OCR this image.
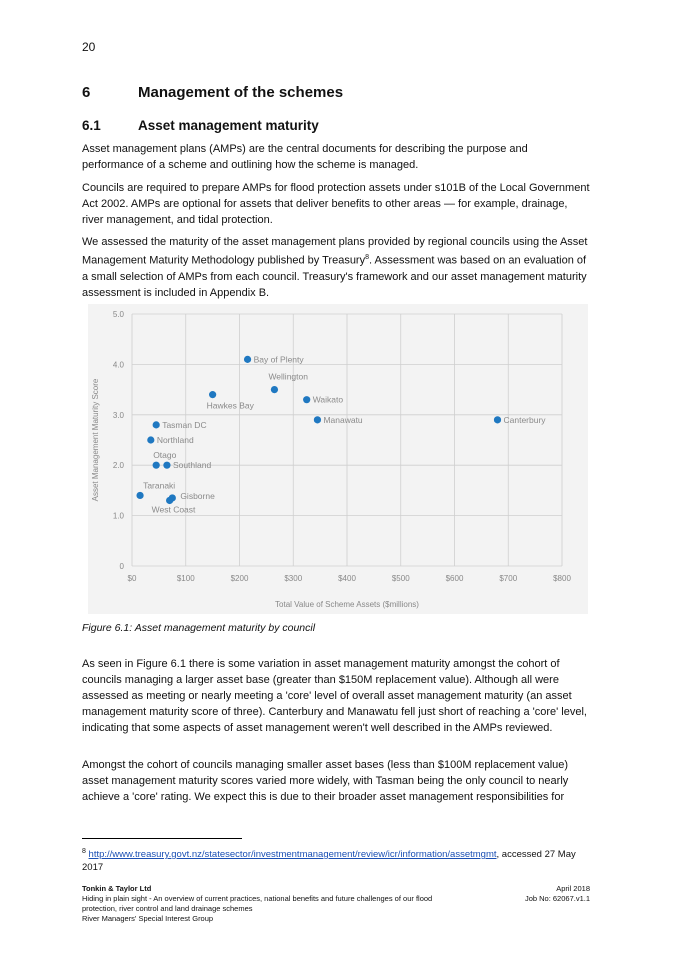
20
6	Management of the schemes
6.1	Asset management maturity

Asset management plans (AMPs) are the central documents for describing the purpose and performance of a scheme and outlining how the scheme is managed.

Councils are required to prepare AMPs for flood protection assets under s101B of the Local Government Act 2002. AMPs are optional for assets that deliver benefits to other areas — for example, drainage, river management, and tidal protection.

We assessed the maturity of the asset management plans provided by regional councils using the Asset Management Maturity Methodology published by Treasury$^8$. Assessment was based on an evaluation of a small selection of AMPs from each council. Treasury's framework and our asset management maturity assessment is included in Appendix B.

0
1.0
2.0
3.0
4.0
5.0
$0	$100	$200	$300	$400	$500	$600	$700	$800
Total Value of Scheme Assets ($millions)
Asset Management Maturity Score
Bay of Plenty
Wellington
Waikato
Hawkes Bay
Manawatu	Canterbury
Tasman DC
Northland
Otago
Southland
Taranaki
Gisborne
West Coast
Figure 6.1: Asset management maturity by council

As seen in Figure 6.1 there is some variation in asset management maturity amongst the cohort of councils managing a larger asset base (greater than $150M replacement value). Although all were assessed as meeting or nearly meeting a 'core' level of overall asset management maturity (an asset management maturity score of three). Canterbury and Manawatu fell just short of reaching a 'core' level, indicating that some aspects of asset management weren't well described in the AMPs reviewed.

Amongst the cohort of councils managing smaller asset bases (less than $100M replacement value) asset management maturity scores varied more widely, with Tasman being the only council to nearly achieve a 'core' rating. We expect this is due to their broader asset management responsibilities for

$^8$ http://www.treasury.govt.nz/statesector/investmentmanagement/review/icr/information/assetmgmt, accessed 27 May 2017
Tonkin & Taylor Ltd
Hiding in plain sight - An overview of current practices, national benefits and future challenges of our flood
protection, river control and land drainage schemes
River Managers' Special Interest Group
April 2018
Job No: 62067.v1.1
